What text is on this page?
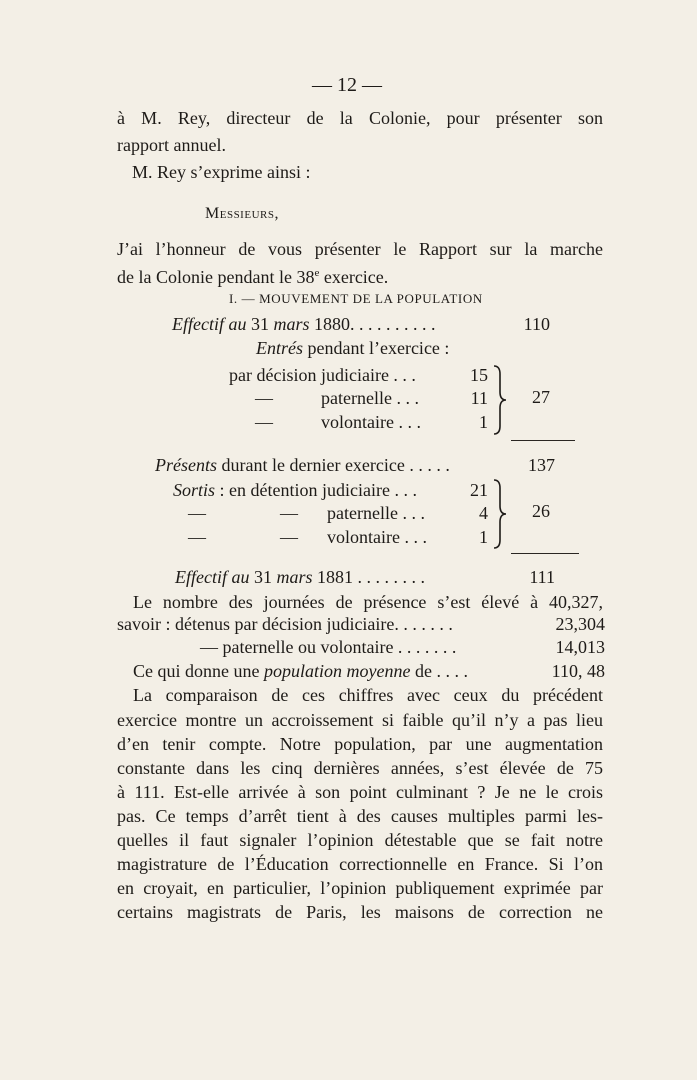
— 12 —
à M. Rey, directeur de la Colonie, pour présenter son
rapport annuel.
M. Rey s’exprime ainsi :
Messieurs,
J’ai l’honneur de vous présenter le Rapport sur la marche
de la Colonie pendant le 38e exercice.
I. — MOUVEMENT DE LA POPULATION
Effectif au 31 mars 1880. . . . . . . . . .	110
Entrés pendant l’exercice :
par décision judiciaire . . .	15
—	paternelle . . .	11
—	volontaire . . .	1
27
Présents durant le dernier exercice . . . . .	137
Sortis : en détention judiciaire . . .	21
—	— paternelle . . .	4
—	— volontaire . . .	1
26
Effectif au 31 mars 1881 . . . . . . . .	111
Le nombre des journées de présence s’est élevé à 40,327,
savoir : détenus par décision judiciaire. . . . . . .	23,304
— paternelle ou volontaire . . . . . . .	14,013
Ce qui donne une population moyenne de . . . .	110, 48
La comparaison de ces chiffres avec ceux du précédent
exercice montre un accroissement si faible qu’il n’y a pas lieu
d’en tenir compte. Notre population, par une augmentation
constante dans les cinq dernières années, s’est élevée de 75
à 111. Est-elle arrivée à son point culminant ? Je ne le crois
pas. Ce temps d’arrêt tient à des causes multiples parmi les-
quelles il faut signaler l’opinion détestable que se fait notre
magistrature de l’Éducation correctionnelle en France. Si l’on
en croyait, en particulier, l’opinion publiquement exprimée par
certains magistrats de Paris, les maisons de correction ne
